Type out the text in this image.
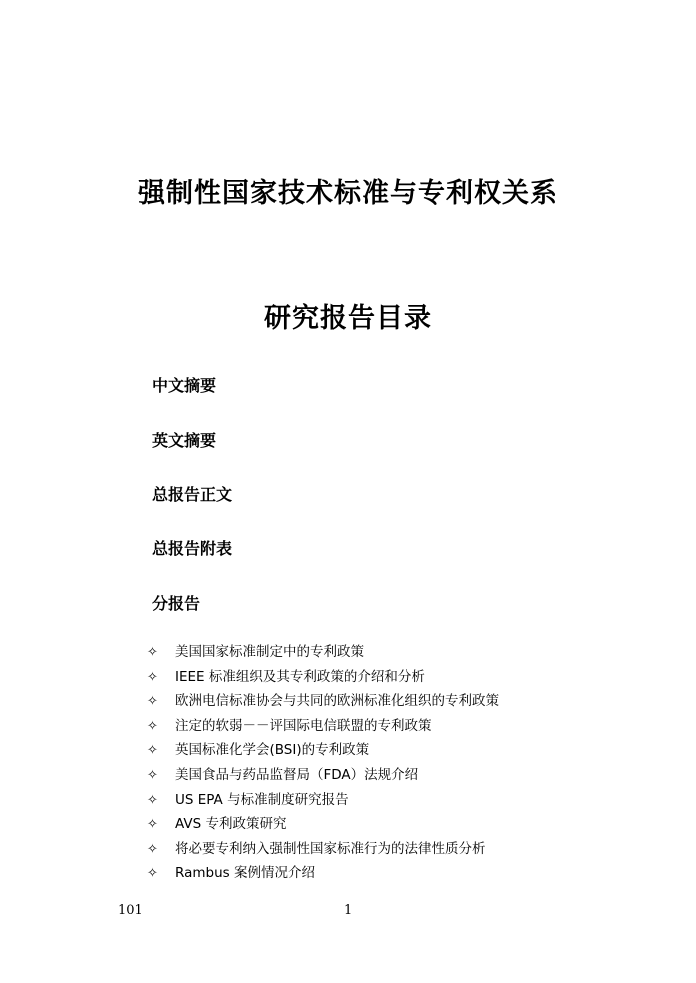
强制性国家技术标准与专利权关系
研究报告目录
中文摘要
英文摘要
总报告正文
总报告附表
分报告
✧ 美国国家标准制定中的专利政策
✧ IEEE 标准组织及其专利政策的介绍和分析
✧ 欧洲电信标准协会与共同的欧洲标准化组织的专利政策
✧ 注定的软弱－－评国际电信联盟的专利政策
✧ 英国标准化学会(BSI)的专利政策
✧ 美国食品与药品监督局（FDA）法规介绍
✧ US EPA 与标准制度研究报告
✧ AVS 专利政策研究
✧ 将必要专利纳入强制性国家标准行为的法律性质分析
✧ Rambus 案例情况介绍
101	1
